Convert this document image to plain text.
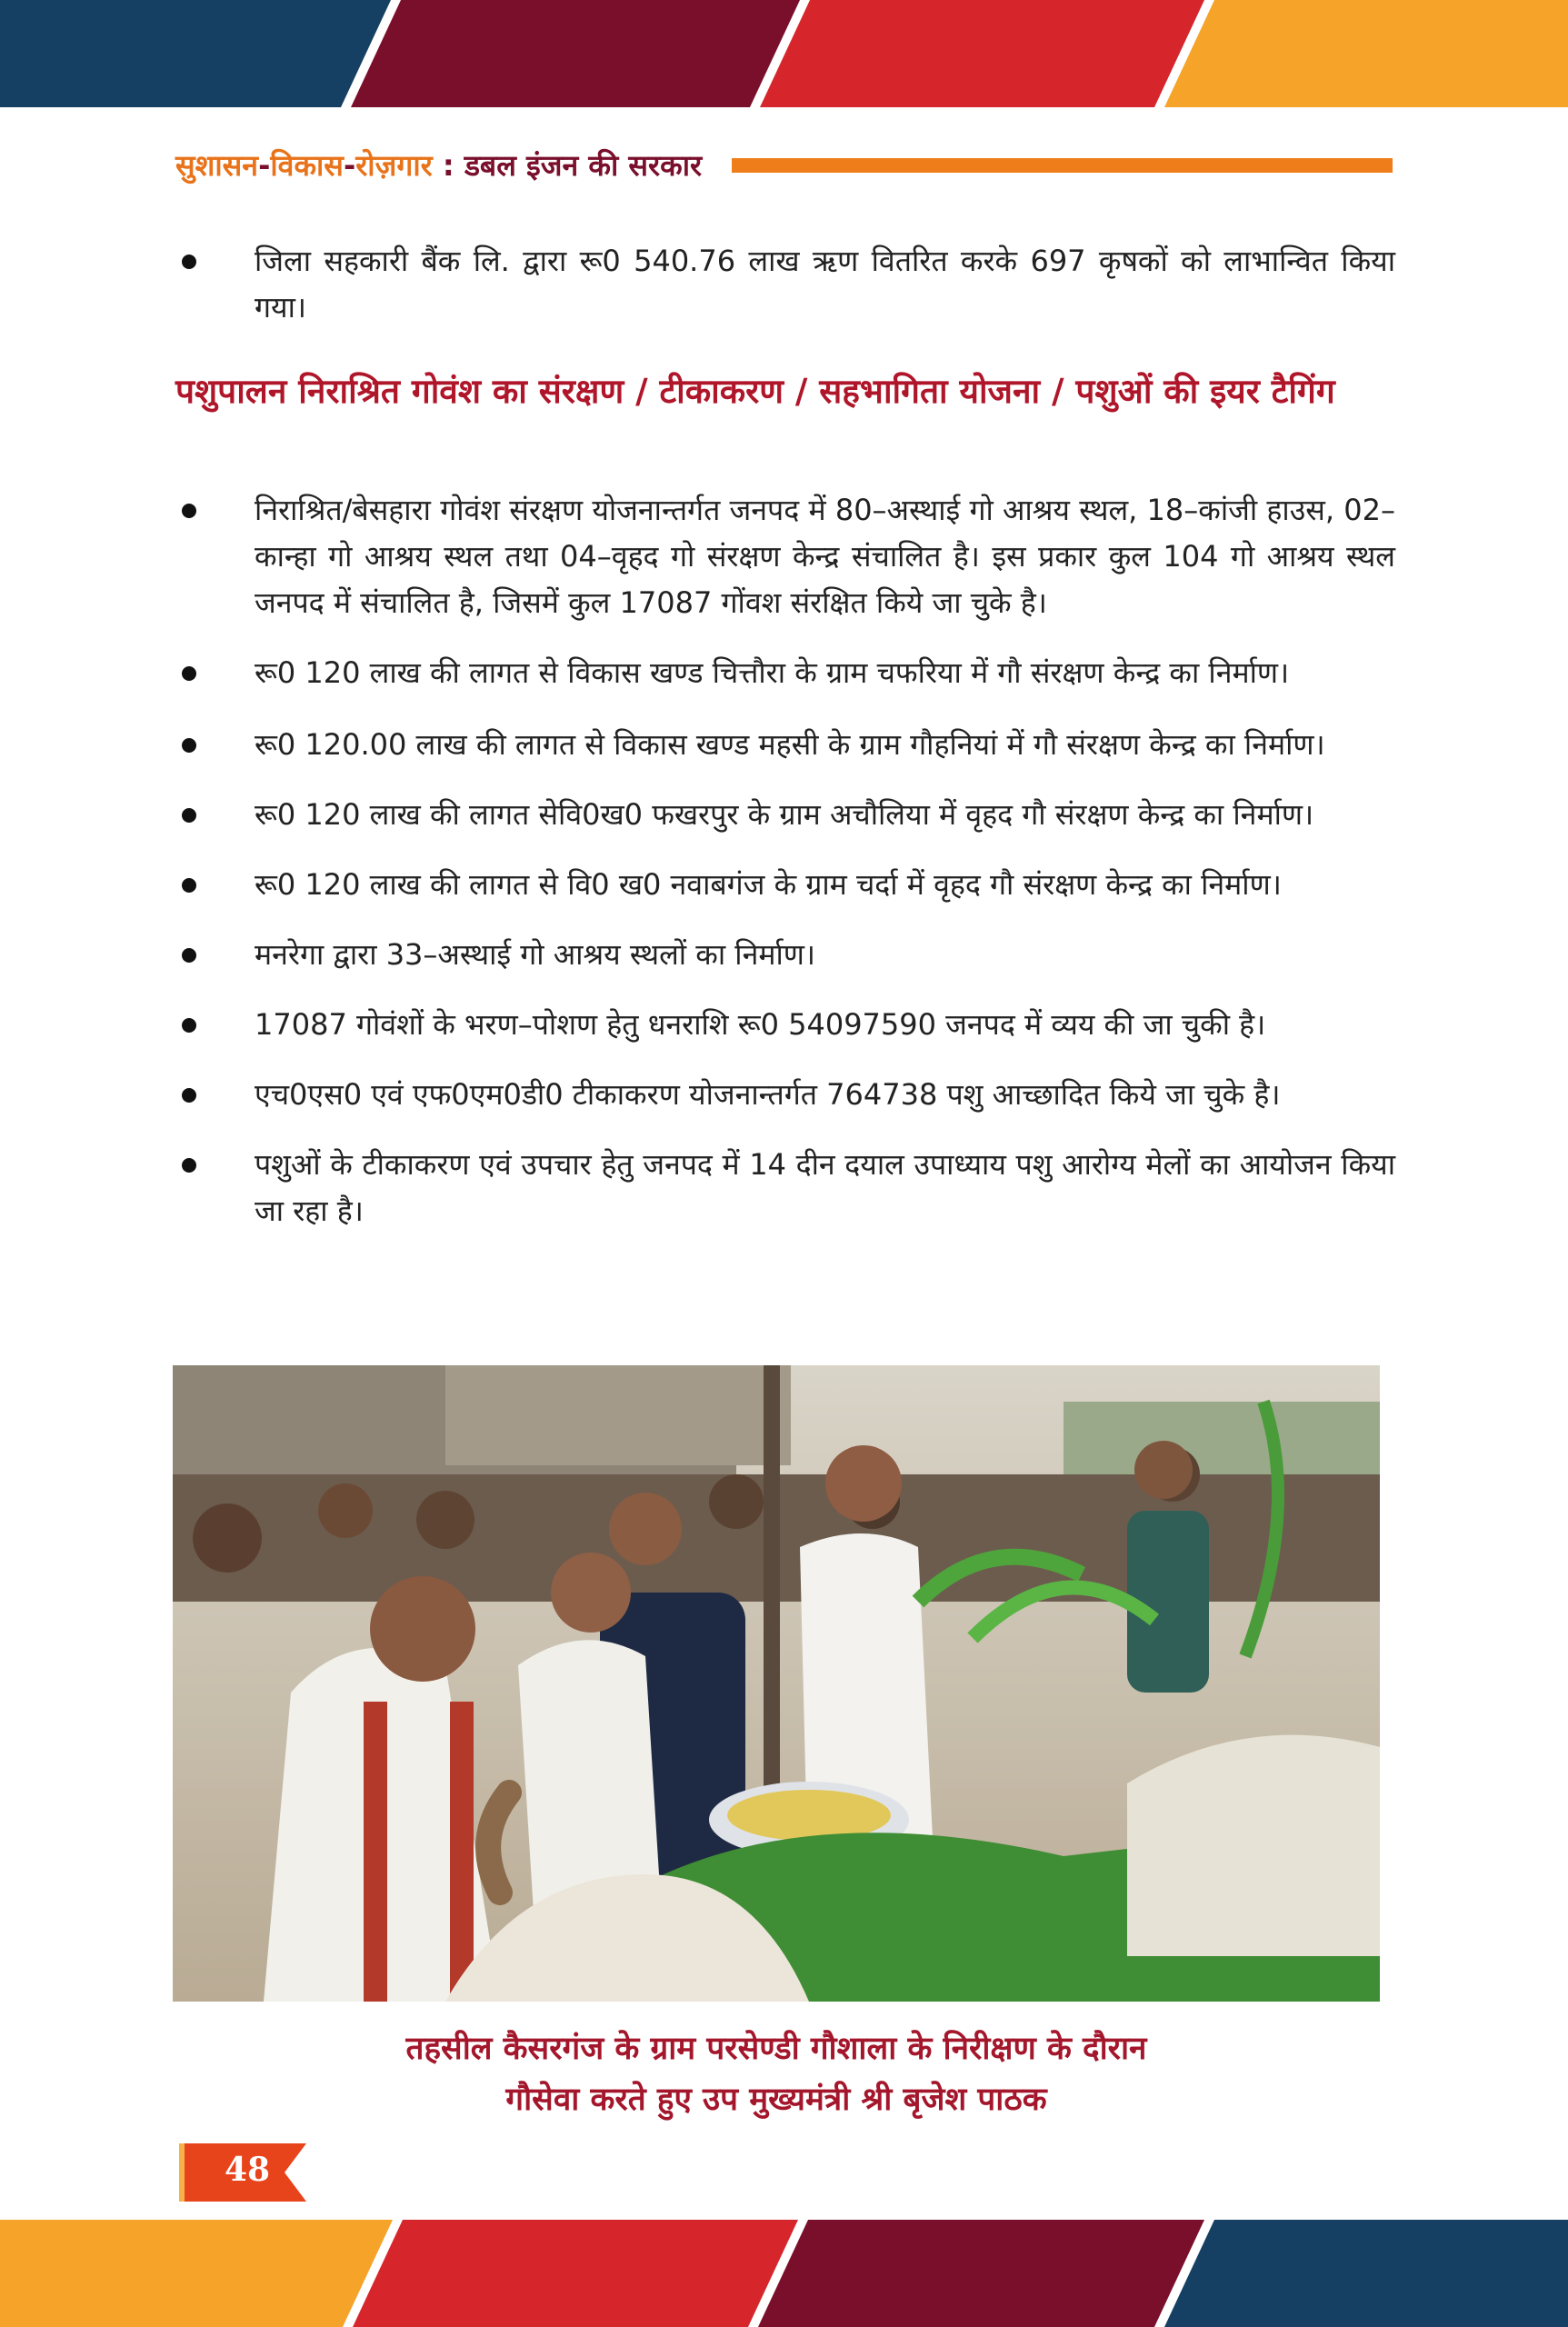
सुशासन-विकास-रोज़गार : डबल इंजन की सरकार

जिला सहकारी बैंक लि. द्वारा रू0 540.76 लाख ऋण वितरित करके 697 कृषकों को लाभान्वित किया गया।

पशुपालन निराश्रित गोवंश का संरक्षण / टीकाकरण / सहभागिता योजना / पशुओं की इयर टैगिंग

निराश्रित/बेसहारा गोवंश संरक्षण योजनान्तर्गत जनपद में 80–अस्थाई गो आश्रय स्थल, 18–कांजी हाउस, 02–कान्हा गो आश्रय स्थल तथा 04–वृहद गो संरक्षण केन्द्र संचालित है। इस प्रकार कुल 104 गो आश्रय स्थल जनपद में संचालित है, जिसमें कुल 17087 गोंवश संरक्षित किये जा चुके है।

रू0 120 लाख की लागत से विकास खण्ड चित्तौरा के ग्राम चफरिया में गौ संरक्षण केन्द्र का निर्माण।

रू0 120.00 लाख की लागत से विकास खण्ड महसी के ग्राम गौहनियां में गौ संरक्षण केन्द्र का निर्माण।

रू0 120 लाख की लागत सेवि0ख0 फखरपुर के ग्राम अचौलिया में वृहद गौ संरक्षण केन्द्र का निर्माण।

रू0 120 लाख की लागत से वि0 ख0 नवाबगंज के ग्राम चर्दा में वृहद गौ संरक्षण केन्द्र का निर्माण।

मनरेगा द्वारा 33–अस्थाई गो आश्रय स्थलों का निर्माण।

17087 गोवंशों के भरण–पोशण हेतु धनराशि रू0 54097590 जनपद में व्यय की जा चुकी है।

एच0एस0 एवं एफ0एम0डी0 टीकाकरण योजनान्तर्गत 764738 पशु आच्छादित किये जा चुके है।

पशुओं के टीकाकरण एवं उपचार हेतु जनपद में 14 दीन दयाल उपाध्याय पशु आरोग्य मेलों का आयोजन किया जा रहा है।

तहसील कैसरगंज के ग्राम परसेण्डी गौशाला के निरीक्षण के दौरान
गौसेवा करते हुए उप मुख्यमंत्री श्री बृजेश पाठक
48
